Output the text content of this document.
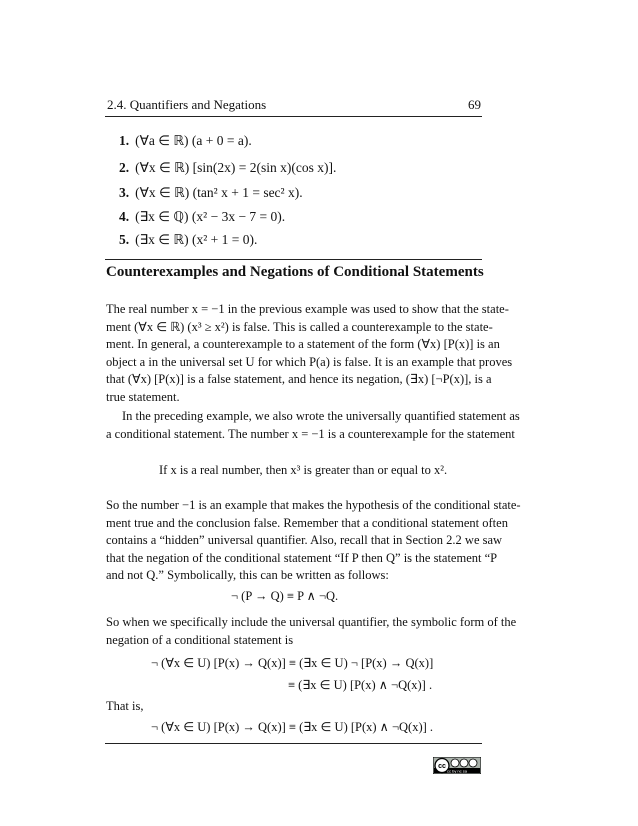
2.4. Quantifiers and Negations	69
1. (∀a ∈ ℝ) (a + 0 = a).
2. (∀x ∈ ℝ) [sin(2x) = 2(sin x)(cos x)].
3. (∀x ∈ ℝ) (tan² x + 1 = sec² x).
4. (∃x ∈ ℚ) (x² − 3x − 7 = 0).
5. (∃x ∈ ℝ) (x² + 1 = 0).
Counterexamples and Negations of Conditional Statements
The real number x = −1 in the previous example was used to show that the state-
ment (∀x ∈ ℝ) (x³ ≥ x²) is false. This is called a counterexample to the state-
ment. In general, a counterexample to a statement of the form (∀x) [P(x)] is an
object a in the universal set U for which P(a) is false. It is an example that proves
that (∀x) [P(x)] is a false statement, and hence its negation, (∃x) [¬P(x)], is a
true statement.
In the preceding example, we also wrote the universally quantified statement as
a conditional statement. The number x = −1 is a counterexample for the statement
If x is a real number, then x³ is greater than or equal to x².
So the number −1 is an example that makes the hypothesis of the conditional state-
ment true and the conclusion false. Remember that a conditional statement often
contains a “hidden” universal quantifier. Also, recall that in Section 2.2 we saw
that the negation of the conditional statement “If P then Q” is the statement “P
and not Q.” Symbolically, this can be written as follows:
¬ (P → Q) ≡ P ∧ ¬Q.
So when we specifically include the universal quantifier, the symbolic form of the
negation of a conditional statement is
¬ (∀x ∈ U) [P(x) → Q(x)] ≡ (∃x ∈ U) ¬ [P(x) → Q(x)]
≡ (∃x ∈ U) [P(x) ∧ ¬Q(x)] .
That is,
¬ (∀x ∈ U) [P(x) → Q(x)] ≡ (∃x ∈ U) [P(x) ∧ ¬Q(x)] .
cc
cc by nc sa
